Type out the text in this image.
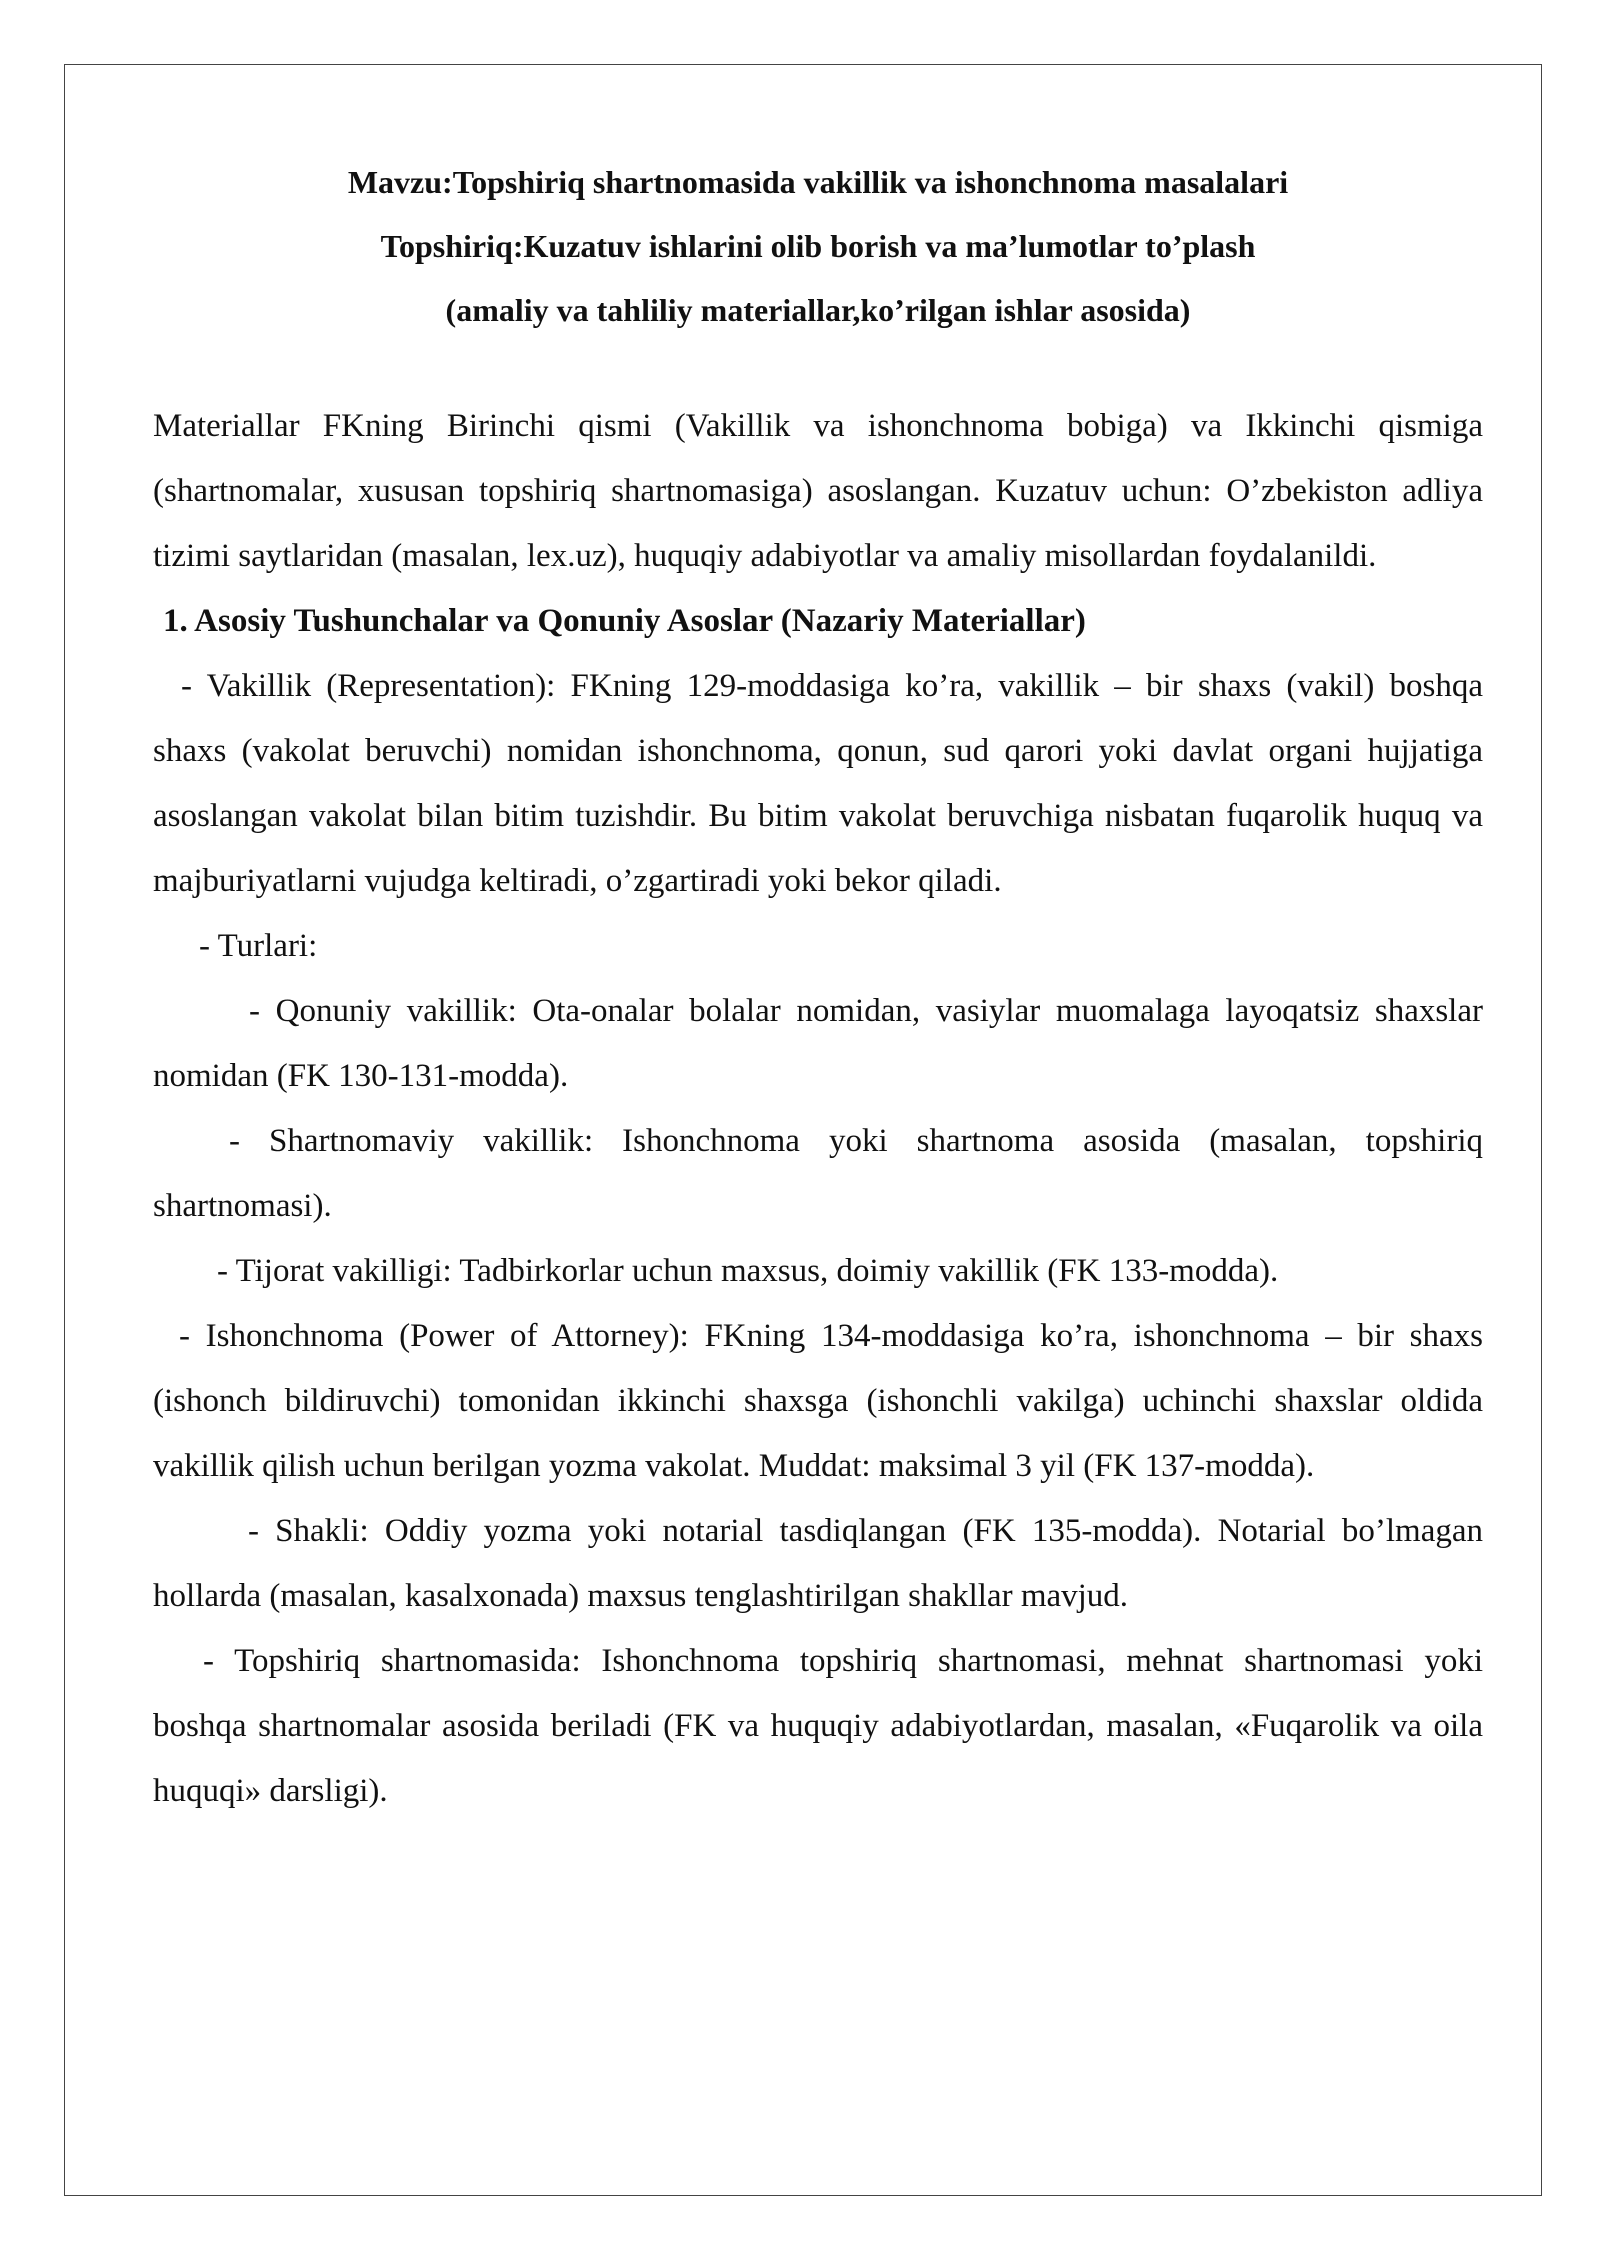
Mavzu:Topshiriq shartnomasida vakillik va ishonchnoma masalalari
Topshiriq:Kuzatuv ishlarini olib borish va ma’lumotlar to’plash
(amaliy va tahliliy materiallar,ko’rilgan ishlar asosida)

Materiallar FKning Birinchi qismi (Vakillik va ishonchnoma bobiga) va Ikkinchi qismiga (shartnomalar, xususan topshiriq shartnomasiga) asoslangan. Kuzatuv uchun: O’zbekiston adliya tizimi saytlaridan (masalan, lex.uz), huquqiy adabiyotlar va amaliy misollardan foydalanildi.

1. Asosiy Tushunchalar va Qonuniy Asoslar (Nazariy Materiallar)

- Vakillik (Representation): FKning 129-moddasiga ko’ra, vakillik – bir shaxs (vakil) boshqa shaxs (vakolat beruvchi) nomidan ishonchnoma, qonun, sud qarori yoki davlat organi hujjatiga asoslangan vakolat bilan bitim tuzishdir. Bu bitim vakolat beruvchiga nisbatan fuqarolik huquq va majburiyatlarni vujudga keltiradi, o’zgartiradi yoki bekor qiladi.

- Turlari:

- Qonuniy vakillik: Ota-onalar bolalar nomidan, vasiylar muomalaga layoqatsiz shaxslar nomidan (FK 130-131-modda).

- Shartnomaviy vakillik: Ishonchnoma yoki shartnoma asosida (masalan, topshiriq shartnomasi).

- Tijorat vakilligi: Tadbirkorlar uchun maxsus, doimiy vakillik (FK 133-modda).

- Ishonchnoma (Power of Attorney): FKning 134-moddasiga ko’ra, ishonchnoma – bir shaxs (ishonch bildiruvchi) tomonidan ikkinchi shaxsga (ishonchli vakilga) uchinchi shaxslar oldida vakillik qilish uchun berilgan yozma vakolat. Muddat: maksimal 3 yil (FK 137-modda).

- Shakli: Oddiy yozma yoki notarial tasdiqlangan (FK 135-modda). Notarial bo’lmagan hollarda (masalan, kasalxonada) maxsus tenglashtirilgan shakllar mavjud.

- Topshiriq shartnomasida: Ishonchnoma topshiriq shartnomasi, mehnat shartnomasi yoki boshqa shartnomalar asosida beriladi (FK va huquqiy adabiyotlardan, masalan, «Fuqarolik va oila huquqi» darsligi).
